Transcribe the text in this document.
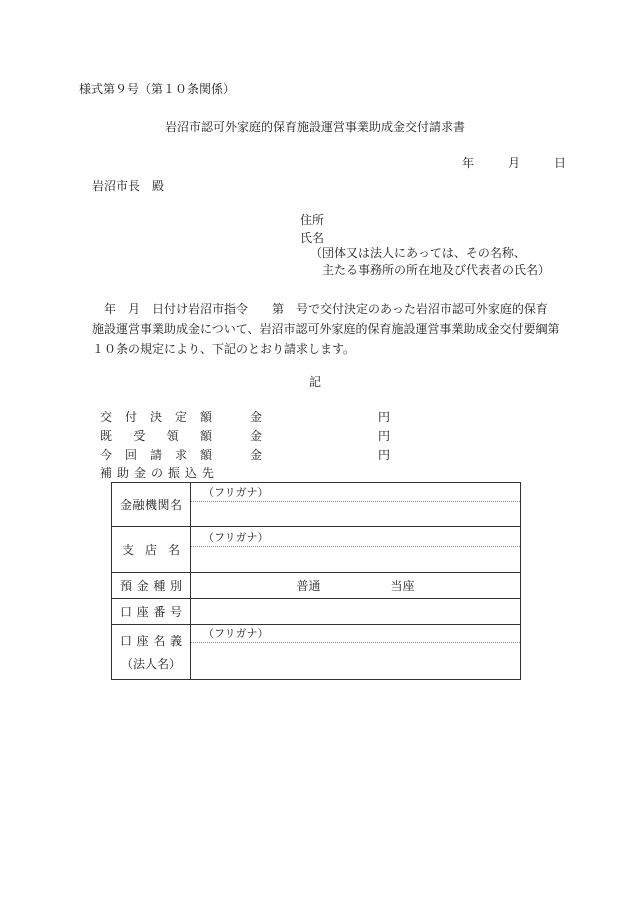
様式第９号（第１０条関係）
岩沼市認可外家庭的保育施設運営事業助成金交付請求書
年	月	日
岩沼市長　殿
住所
氏名
（団体又は法人にあっては、その名称、
主たる事務所の所在地及び代表者の氏名）
　年　月　日付け岩沼市指令　　第　号で交付決定のあった岩沼市認可外家庭的保育
施設運営事業助成金について、岩沼市認可外家庭的保育施設運営事業助成金交付要綱第
１０条の規定により、下記のとおり請求します。
記
交 付 決 定 額	金	円
既 受 領 額	金	円
今 回 請 求 額	金	円
補 助 金 の 振 込 先
金 融 機 関 名	（フリガナ）

支 店 名	（フリガナ）

預 金 種 別	普通 当座

口 座 番 号	

口 座 名 義
（法人名）	（フリガナ）
